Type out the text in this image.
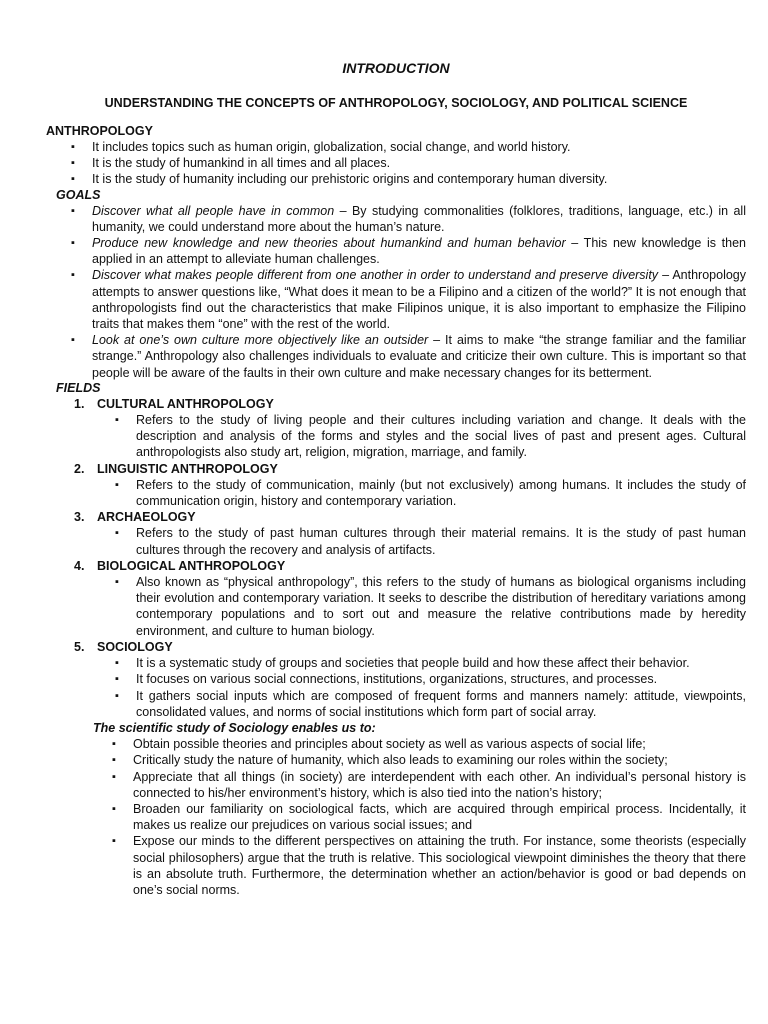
INTRODUCTION
UNDERSTANDING THE CONCEPTS OF ANTHROPOLOGY, SOCIOLOGY, AND POLITICAL SCIENCE
ANTHROPOLOGY
▪ It includes topics such as human origin, globalization, social change, and world history.
▪ It is the study of humankind in all times and all places.
▪ It is the study of humanity including our prehistoric origins and contemporary human diversity.
GOALS
▪ Discover what all people have in common – By studying commonalities (folklores, traditions, language, etc.) in all humanity, we could understand more about the human’s nature.
▪ Produce new knowledge and new theories about humankind and human behavior – This new knowledge is then applied in an attempt to alleviate human challenges.
▪ Discover what makes people different from one another in order to understand and preserve diversity – Anthropology attempts to answer questions like, “What does it mean to be a Filipino and a citizen of the world?” It is not enough that anthropologists find out the characteristics that make Filipinos unique, it is also important to emphasize the Filipino traits that makes them “one” with the rest of the world.
▪ Look at one’s own culture more objectively like an outsider – It aims to make “the strange familiar and the familiar strange.” Anthropology also challenges individuals to evaluate and criticize their own culture. This is important so that people will be aware of the faults in their own culture and make necessary changes for its betterment.
FIELDS
1. CULTURAL ANTHROPOLOGY
▪ Refers to the study of living people and their cultures including variation and change. It deals with the description and analysis of the forms and styles and the social lives of past and present ages. Cultural anthropologists also study art, religion, migration, marriage, and family.
2. LINGUISTIC ANTHROPOLOGY
▪ Refers to the study of communication, mainly (but not exclusively) among humans. It includes the study of communication origin, history and contemporary variation.
3. ARCHAEOLOGY
▪ Refers to the study of past human cultures through their material remains. It is the study of past human cultures through the recovery and analysis of artifacts.
4. BIOLOGICAL ANTHROPOLOGY
▪ Also known as “physical anthropology”, this refers to the study of humans as biological organisms including their evolution and contemporary variation. It seeks to describe the distribution of hereditary variations among contemporary populations and to sort out and measure the relative contributions made by heredity environment, and culture to human biology.
5. SOCIOLOGY
▪ It is a systematic study of groups and societies that people build and how these affect their behavior.
▪ It focuses on various social connections, institutions, organizations, structures, and processes.
▪ It gathers social inputs which are composed of frequent forms and manners namely: attitude, viewpoints, consolidated values, and norms of social institutions which form part of social array.
The scientific study of Sociology enables us to:
▪ Obtain possible theories and principles about society as well as various aspects of social life;
▪ Critically study the nature of humanity, which also leads to examining our roles within the society;
▪ Appreciate that all things (in society) are interdependent with each other. An individual’s personal history is connected to his/her environment’s history, which is also tied into the nation’s history;
▪ Broaden our familiarity on sociological facts, which are acquired through empirical process. Incidentally, it makes us realize our prejudices on various social issues; and
▪ Expose our minds to the different perspectives on attaining the truth. For instance, some theorists (especially social philosophers) argue that the truth is relative. This sociological viewpoint diminishes the theory that there is an absolute truth. Furthermore, the determination whether an action/behavior is good or bad depends on one’s social norms.
